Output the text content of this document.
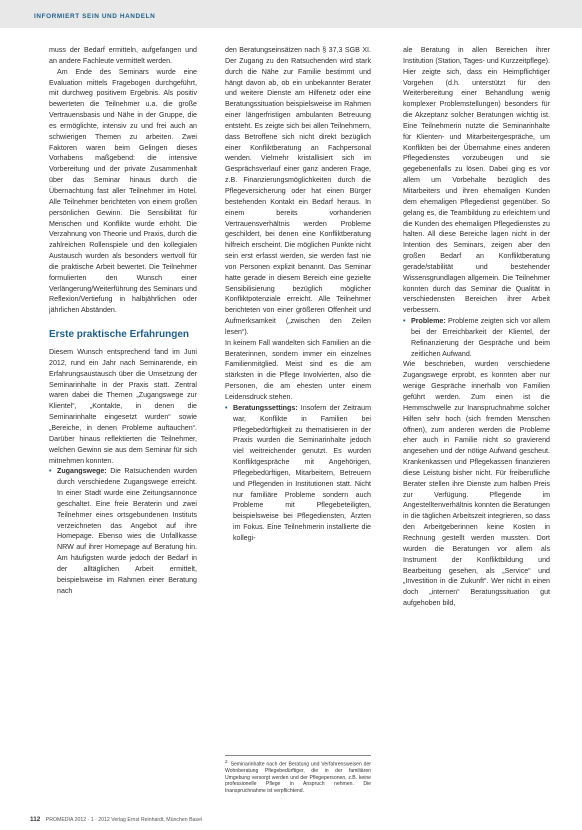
INFORMIERT SEIN UND HANDELN

muss der Bedarf ermitteln, aufgefangen und an andere Fachleute vermittelt werden.

Am Ende des Seminars wurde eine Evaluation mittels Fragebogen durchgeführt, mit durchweg positivem Ergebnis. Als positiv bewerteten die Teilnehmer u.a. die große Vertrauensbasis und Nähe in der Gruppe, die es ermöglichte, intensiv zu und frei auch an schwierigen Themen zu arbeiten. Zwei Faktoren waren beim Gelingen dieses Vorhabens maßgebend: die intensive Vorbereitung und der private Zusammenhalt über das Seminar hinaus durch die Übernachtung fast aller Teilnehmer im Hotel. Alle Teilnehmer berichteten von einem großen persönlichen Gewinn. Die Sensibilität für Menschen und Konflikte wurde erhöht. Die Verzahnung von Theorie und Praxis, durch die zahlreichen Rollenspiele und den kollegialen Austausch wurden als besonders wertvoll für die praktische Arbeit bewertet. Die Teilnehmer formulierten den Wunsch einer Verlängerung/Weiterführung des Seminars und Reflexion/Vertiefung in halbjährlichen oder jährlichen Abständen.

Erste praktische Erfahrungen

Diesem Wunsch entsprechend fand im Juni 2012, rund ein Jahr nach Seminarende, ein Erfahrungsaustausch über die Umsetzung der Seminarinhalte in der Praxis statt. Zentral waren dabei die Themen „Zugangswege zur Klientel“, „Kontakte, in denen die Seminarinhalte eingesetzt wurden“ sowie „Bereiche, in denen Probleme auftauchen“. Darüber hinaus reflektierten die Teilnehmer, welchen Gewinn sie aus dem Seminar für sich mitnehmen konnten.

• Zugangswege: Die Ratsuchenden wurden durch verschiedene Zugangswege erreicht. In einer Stadt wurde eine Zeitungsannonce geschaltet. Eine freie Beraterin und zwei Teilnehmer eines ortsgebundenen Instituts verzeichneten das Angebot auf ihre Homepage. Ebenso wies die Unfallkasse NRW auf ihrer Homepage auf Beratung hin. Am häufigsten wurde jedoch der Bedarf in der alltäglichen Arbeit ermittelt, beispielsweise im Rahmen einer Beratung nach

den Beratungseinsätzen nach § 37,3 SGB XI. Der Zugang zu den Ratsuchenden wird stark durch die Nähe zur Familie bestimmt und hängt davon ab, ob ein unbekannter Berater und weitere Dienste am Hilfenetz oder eine Beratungssituation beispielsweise im Rahmen einer längerfristigen ambulanten Betreuung entsteht. Es zeigte sich bei allen Teilnehmern, dass Betroffene sich nicht direkt bezüglich einer Konfliktberatung an Fachpersonal wenden. Vielmehr kristallisiert sich im Gesprächsverlauf einer ganz anderen Frage, z.B. Finanzierungsmöglichkeiten durch die Pflegeversicherung oder hat einen Bürger bestehenden Kontakt ein Bedarf heraus. In einem bereits vorhandenen Vertrauensverhältnis werden Probleme geschildert, bei denen eine Konfliktberatung hilfreich erscheint. Die möglichen Punkte nicht sein erst erfasst werden, sie werden fast nie von Personen explizit benannt. Das Seminar hatte gerade in diesem Bereich eine gezielte Sensibilisierung bezüglich möglicher Konfliktpotenziale erreicht. Alle Teilnehmer berichteten von einer größeren Offenheit und Aufmerksamkeit („zwischen den Zeilen lesen“).

In keinem Fall wandelten sich Familien an die Beraterinnen, sondern immer ein einzelnes Familienmitglied. Meist sind es die am stärksten in die Pflege Involvierten, also die Personen, die am ehesten unter einem Leidensdruck stehen.

• Beratungssettings: Insofern der Zeitraum war, Konflikte in Familien bei Pflegebedürftigkeit zu thematisieren in der Praxis wurden die Seminarinhalte jedoch viel weitreichender genutzt. Es wurden Konfliktgespräche mit Angehörigen, Pflegebedürftigen, Mitarbeitern, Betreuern und Pflegenden in Institutionen statt. Nicht nur familiäre Probleme sondern auch Probleme mit Pflegebeteiligten, beispielsweise bei Pflegediensten, Ärzten im Fokus. Eine Teilnehmerin installierte die kollegi-
2Seminarinhalte nach der Beratung und Verfahrensweisen der Wohnberatung Pflegebedürftiger, die in der familiären Umgebung versorgt werden und der Pflegepersonen, z.B. keine professionelle Pflege in Anspruch nehmen. Die Inanspruchnahme ist verpflichtend.

ale Beratung in allen Bereichen ihrer Institution (Station, Tages- und Kurzzeitpflege). Hier zeigte sich, dass ein Heimpflichtiger Vorgehen (d.h. unterstützt für den Weiterbereitung einer Behandlung wenig komplexer Problemstellungen) besonders für die Akzeptanz solcher Beratungen wichtig ist. Eine Teilnehmerin nutzte die Seminarinhalte für Klienten- und Mitarbeitergespräche, um Konflikten bei der Übernahme eines anderen Pflegedienstes vorzubeugen und sie gegebenenfalls zu lösen. Dabei ging es vor allem um Vorbehalte bezüglich des Mitarbeiters und ihren ehemaligen Kunden dem ehemaligen Pflegedienst gegenüber. So gelang es, die Teambildung zu erleichtern und die Kunden des ehemaligen Pflegedienstes zu halten. All diese Bereiche lagen nicht in der Intention des Seminars, zeigen aber den großen Bedarf an Konfliktberatung gerade/stabilität und bestehender Wissensgrundlagen allgemein. Die Teilnehmer konnten durch das Seminar die Qualität in verschiedensten Bereichen ihrer Arbeit verbessern.

• Probleme: Probleme zeigten sich vor allem bei der Erreichbarkeit der Klientel, der Refinanzierung der Gespräche und beim zeitlichen Aufwand.

Wie beschrieben, wurden verschiedene Zugangswege erprobt, es konnten aber nur wenige Gespräche innerhalb von Familien geführt werden. Zum einen ist die Hemmschwelle zur Inanspruchnahme solcher Hilfen sehr hoch (sich fremden Menschen öffnen), zum anderen werden die Probleme eher auch in Familie nicht so gravierend angesehen und der nötige Aufwand gescheut. Krankenkassen und Pflegekassen finanzieren diese Leistung bisher nicht. Für freiberufliche Berater stellen ihre Dienste zum halben Preis zur Verfügung. Pflegende im Angestelltenverhältnis konnten die Beratungen in die täglichen Arbeitszeit integrieren, so dass den Arbeitgeberinnen keine Kosten in Rechnung gestellt werden mussten. Dort wurden die Beratungen vor allem als Instrument der Konfliktbildung und Bearbeitung gesehen, als „Service“ und „Investition in die Zukunft“. Wer nicht in einen doch „internen“ Beratungssituation gut aufgehoben bild,

112 PROMEDIA 2012 · 1 · 2012 Verlag Ernst Reinhardt, München Basel
